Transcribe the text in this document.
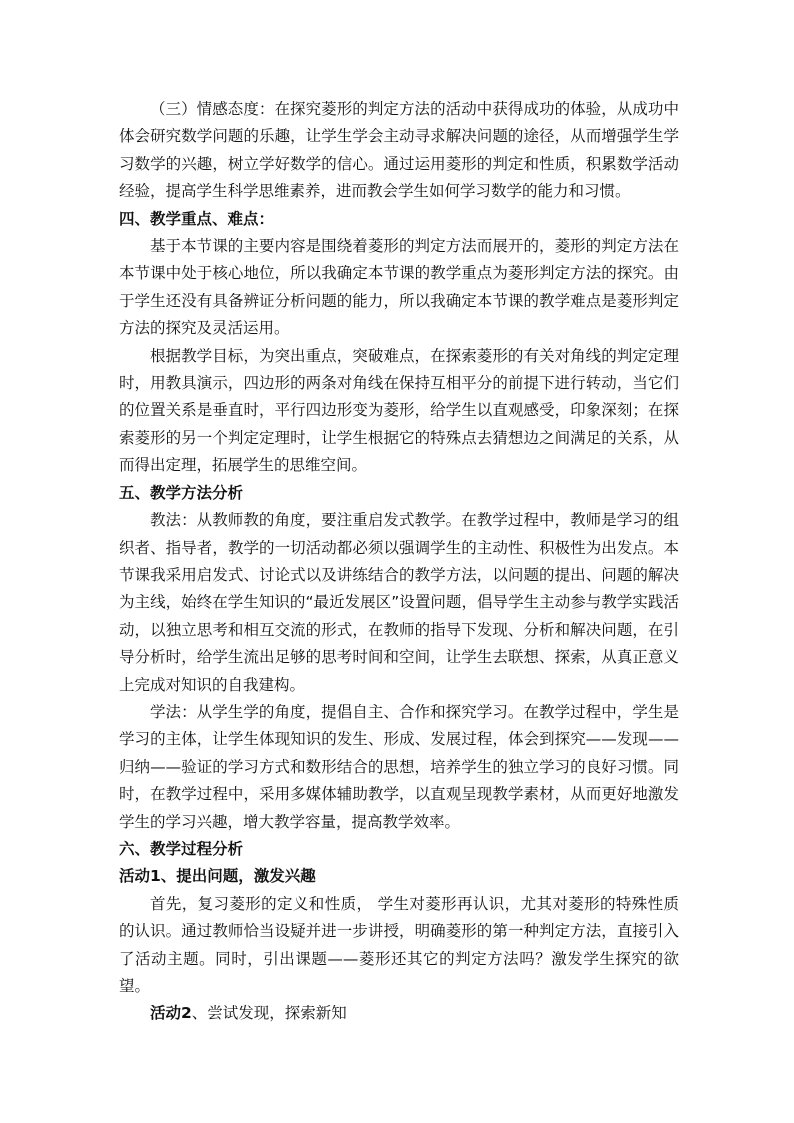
（三）情感态度：在探究菱形的判定方法的活动中获得成功的体验，从成功中体会研究数学问题的乐趣，让学生学会主动寻求解决问题的途径，从而增强学生学习数学的兴趣，树立学好数学的信心。通过运用菱形的判定和性质，积累数学活动经验，提高学生科学思维素养，进而教会学生如何学习数学的能力和习惯。

四、教学重点、难点：

基于本节课的主要内容是围绕着菱形的判定方法而展开的，菱形的判定方法在本节课中处于核心地位，所以我确定本节课的教学重点为菱形判定方法的探究。由于学生还没有具备辨证分析问题的能力，所以我确定本节课的教学难点是菱形判定方法的探究及灵活运用。

根据教学目标，为突出重点，突破难点，在探索菱形的有关对角线的判定定理时，用教具演示，四边形的两条对角线在保持互相平分的前提下进行转动，当它们的位置关系是垂直时，平行四边形变为菱形，给学生以直观感受，印象深刻；在探索菱形的另一个判定定理时，让学生根据它的特殊点去猜想边之间满足的关系，从而得出定理，拓展学生的思维空间。

五、教学方法分析

教法：从教师教的角度，要注重启发式教学。在教学过程中，教师是学习的组织者、指导者，教学的一切活动都必须以强调学生的主动性、积极性为出发点。本节课我采用启发式、讨论式以及讲练结合的教学方法，以问题的提出、问题的解决为主线，始终在学生知识的“最近发展区”设置问题，倡导学生主动参与教学实践活动，以独立思考和相互交流的形式，在教师的指导下发现、分析和解决问题，在引导分析时，给学生流出足够的思考时间和空间，让学生去联想、探索，从真正意义上完成对知识的自我建构。

学法：从学生学的角度，提倡自主、合作和探究学习。在教学过程中，学生是学习的主体，让学生体现知识的发生、形成、发展过程，体会到探究——发现——归纳——验证的学习方式和数形结合的思想，培养学生的独立学习的良好习惯。同时，在教学过程中，采用多媒体辅助教学，以直观呈现教学素材，从而更好地激发学生的学习兴趣，增大教学容量，提高教学效率。

六、教学过程分析

活动1、提出问题，激发兴趣

首先，复习菱形的定义和性质， 学生对菱形再认识，尤其对菱形的特殊性质的认识。通过教师恰当设疑并进一步讲授，明确菱形的第一种判定方法，直接引入了活动主题。同时，引出课题——菱形还其它的判定方法吗？激发学生探究的欲望。

活动2、尝试发现，探索新知
